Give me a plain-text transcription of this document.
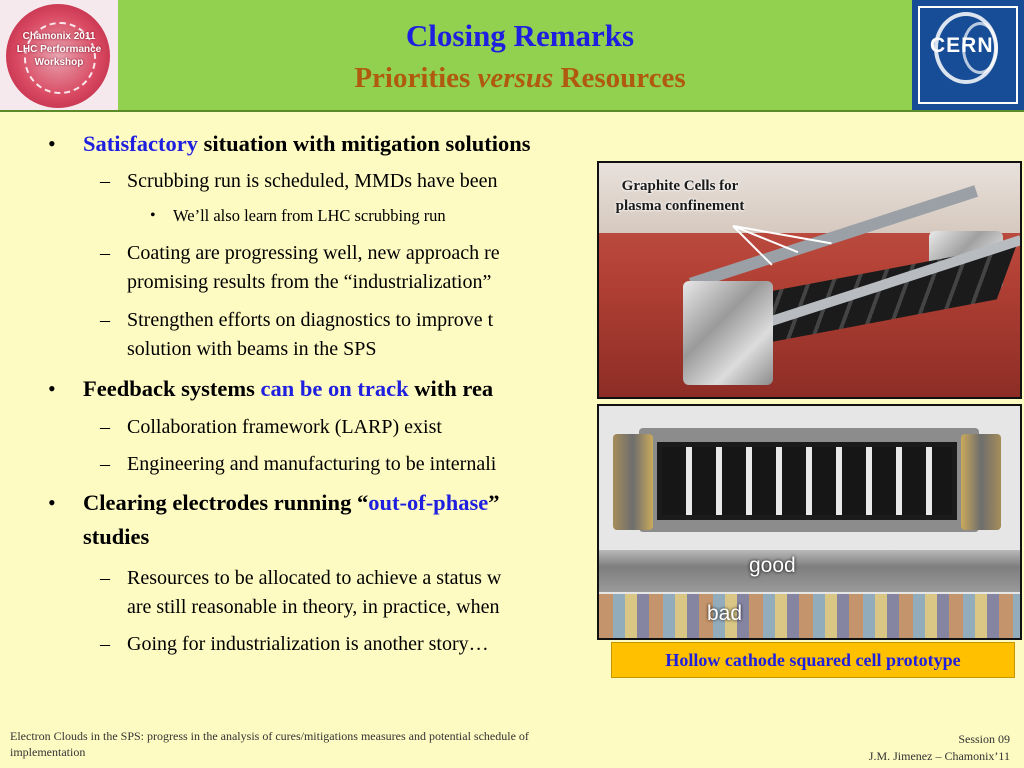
Chamonix 2011
LHC Performance
Workshop
Closing Remarks
Priorities versus Resources
CERN
• Satisfactory situation with mitigation solutions
– Scrubbing run is scheduled, MMDs have been
• We’ll also learn from LHC scrubbing run
– Coating are progressing well, new approach re
promising results from the “industrialization”
– Strengthen efforts on diagnostics to improve t
solution with beams in the SPS
• Feedback systems can be on track with rea
– Collaboration framework (LARP) exist
– Engineering and manufacturing to be internali
• Clearing electrodes running “out-of-phase”
studies
– Resources to be allocated to achieve a status w
are still reasonable in theory, in practice, when
– Going for industrialization is another story…
Graphite Cells for plasma confinement
good
bad
Hollow cathode squared cell prototype
Electron Clouds in the SPS: progress in the analysis of cures/mitigations measures and potential schedule of implementation
Session 09
J.M. Jimenez – Chamonix’11
